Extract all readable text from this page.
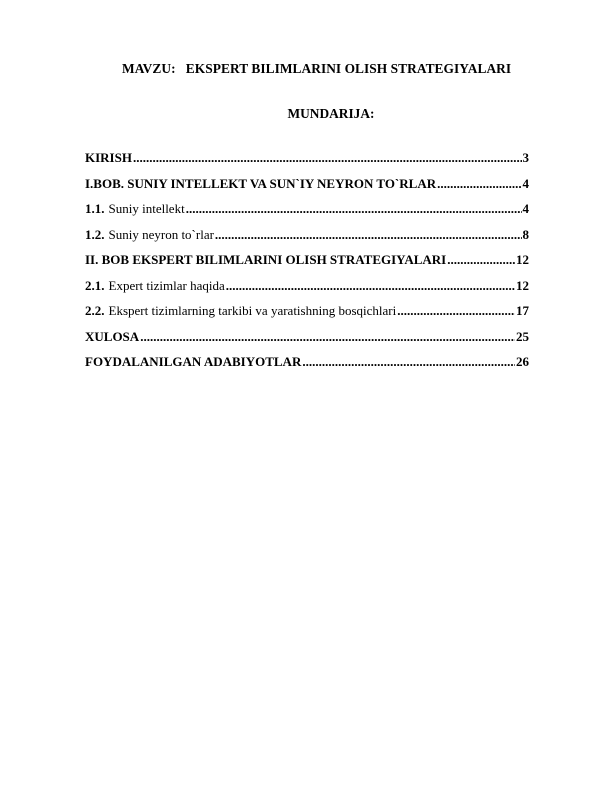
MAVZU:   EKSPERT BILIMLARINI OLISH STRATEGIYALARI
MUNDARIJA:
KIRISH .....	3
I.BOB. SUNIY INTELLEKT VA SUN`IY NEYRON TO`RLAR .....	4
1.1. Suniy intellekt .....	4
1.2. Suniy neyron to`rlar .....	8
II. BOB EKSPERT BILIMLARINI OLISH STRATEGIYALARI .....	12
2.1. Expert tizimlar haqida .....	12
2.2. Ekspert tizimlarning tarkibi va yaratishning bosqichlari .....	17
XULOSA .....	25
FOYDALANILGAN ADABIYOTLAR .....	26
